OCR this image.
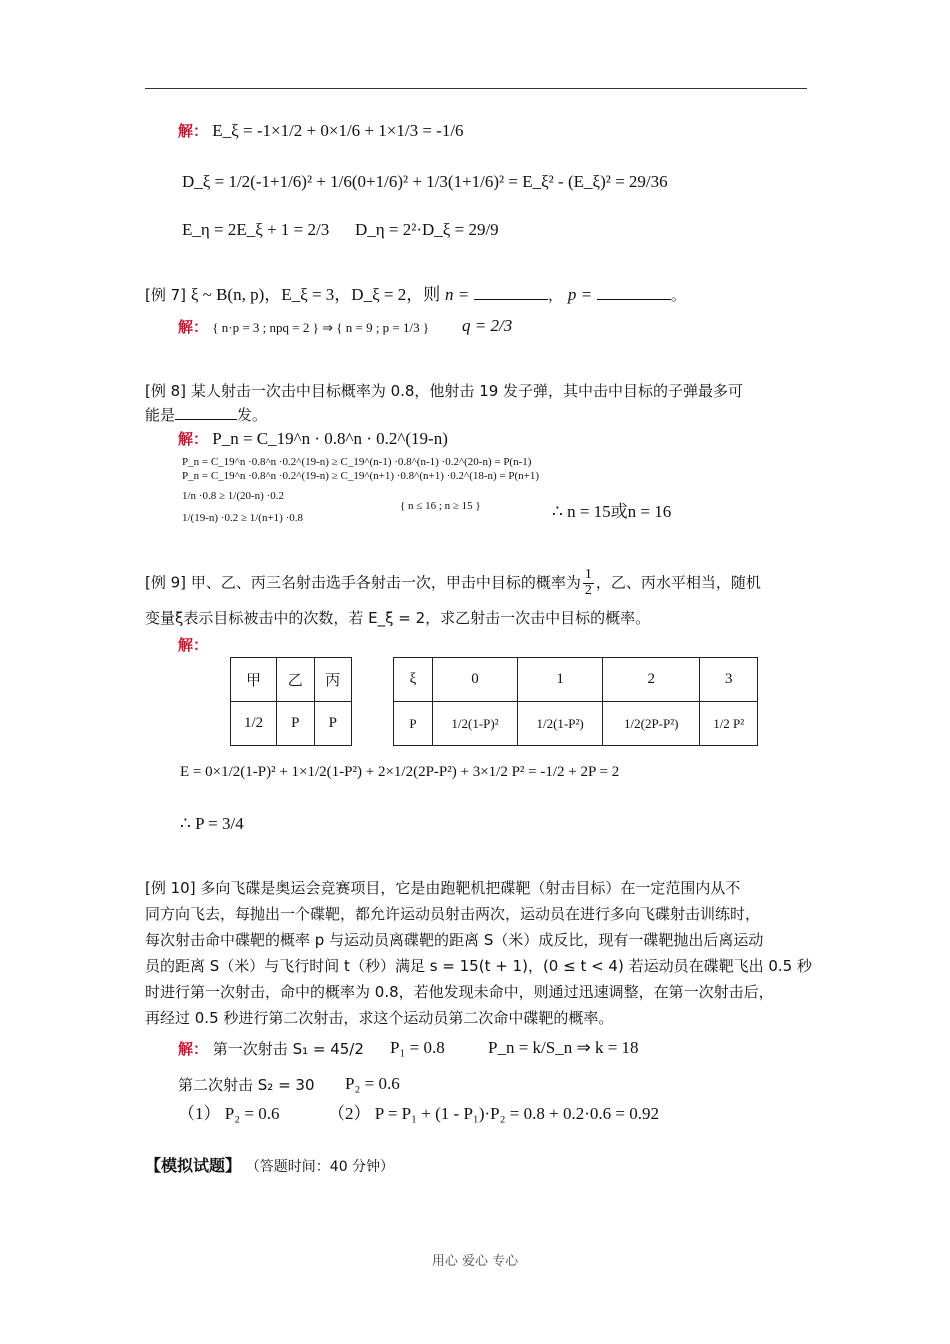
解： E_ξ = -1×1/2 + 0×1/6 + 1×1/3 = -1/6
D_ξ = 1/2(-1+1/6)² + 1/6(0+1/6)² + 1/3(1+1/6)² = E_ξ² - (E_ξ)² = 29/36
E_η = 2E_ξ + 1 = 2/3 D_η = 2²·D_ξ = 29/9
[例 7] ξ ~ B(n, p)，E_ξ = 3，D_ξ = 2，则 n =	， p =	。
解： { n·p = 3 ; npq = 2 } ⇒ { n = 9 ; p = 1/3 } q = 2/3
[例 8] 某人射击一次击中目标概率为 0.8，他射击 19 发子弹，其中击中目标的子弹最多可
能是	发。
解： P_n = C_19^n · 0.8^n · 0.2^(19-n)
P_n = C_19^n ·0.8^n ·0.2^(19-n) ≥ C_19^(n-1) ·0.8^(n-1) ·0.2^(20-n) = P(n-1)
P_n = C_19^n ·0.8^n ·0.2^(19-n) ≥ C_19^(n+1) ·0.8^(n+1) ·0.2^(18-n) = P(n+1)
1/n ·0.8 ≥ 1/(20-n) ·0.2
1/(19-n) ·0.2 ≥ 1/(n+1) ·0.8
{ n ≤ 16 ; n ≥ 15 }	∴ n = 15或n = 16
[例 9] 甲、乙、丙三名射击选手各射击一次，甲击中目标的概率为 $\frac{1}{2}$ ，乙、丙水平相当，随机
变量ξ表示目标被击中的次数，若 E_ξ = 2，求乙射击一次击中目标的概率。
解：
甲	乙	丙
1/2	P	P
ξ	0	1	2	3
P	1/2(1-P)²	1/2(1-P²)	1/2(2P-P²)	1/2 P²
E = 0×1/2(1-P)² + 1×1/2(1-P²) + 2×1/2(2P-P²) + 3×1/2 P² = -1/2 + 2P = 2
∴ P = 3/4
[例 10] 多向飞碟是奥运会竞赛项目，它是由跑靶机把碟靶（射击目标）在一定范围内从不
同方向飞去，每抛出一个碟靶，都允许运动员射击两次，运动员在进行多向飞碟射击训练时，
每次射击命中碟靶的概率 p 与运动员离碟靶的距离 S（米）成反比，现有一碟靶抛出后离运动
员的距离 S（米）与飞行时间 t（秒）满足 s = 15(t + 1)，(0 ≤ t < 4) 若运动员在碟靶飞出 0.5 秒
时进行第一次射击，命中的概率为 0.8，若他发现未命中，则通过迅速调整，在第一次射击后，
再经过 0.5 秒进行第二次射击，求这个运动员第二次命中碟靶的概率。
解： 第一次射击 S₁ = 45/2 P₁ = 0.8	P_n = k/S_n ⇒ k = 18
第二次射击 S₂ = 30 P₂ = 0.6
（1） P₂ = 0.6	（2） P = P₁ + (1 - P₁)·P₂ = 0.8 + 0.2·0.6 = 0.92
【模拟试题】 （答题时间：40 分钟）
用心 爱心 专心
